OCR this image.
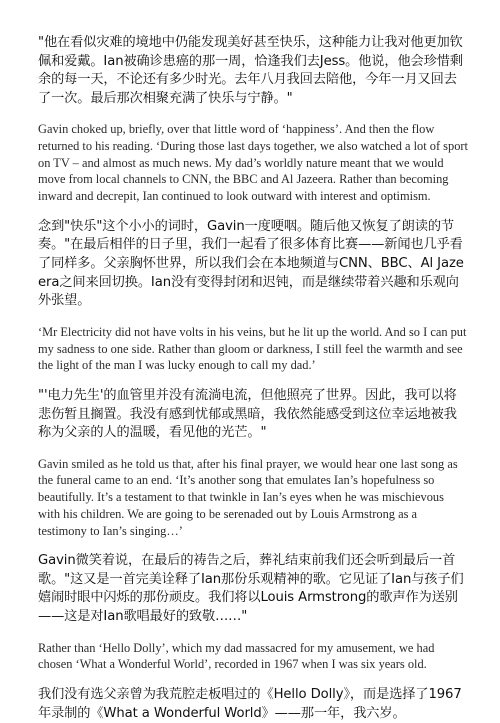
"他在看似灾难的境地中仍能发现美好甚至快乐，这种能力让我对他更加钦佩和爱戴。Ian被确诊患癌的那一周，恰逢我们去Jess。他说，他会珍惜剩余的每一天，不论还有多少时光。去年八月我回去陪他，今年一月又回去了一次。最后那次相聚充满了快乐与宁静。"

Gavin choked up, briefly, over that little word of ‘happiness’. And then the flow returned to his reading. ‘During those last days together, we also watched a lot of sport on TV – and almost as much news. My dad’s worldly nature meant that we would move from local channels to CNN, the BBC and Al Jazeera. Rather than becoming inward and decrepit, Ian continued to look outward with interest and optimism.

念到"快乐"这个小小的词时，Gavin一度哽咽。随后他又恢复了朗读的节奏。"在最后相伴的日子里，我们一起看了很多体育比赛——新闻也几乎看了同样多。父亲胸怀世界，所以我们会在本地频道与CNN、BBC、Al Jazeera之间来回切换。Ian没有变得封闭和迟钝，而是继续带着兴趣和乐观向外张望。

‘Mr Electricity did not have volts in his veins, but he lit up the world. And so I can put my sadness to one side. Rather than gloom or darkness, I still feel the warmth and see the light of the man I was lucky enough to call my dad.’

"'电力先生'的血管里并没有流淌电流，但他照亮了世界。因此，我可以将悲伤暂且搁置。我没有感到忧郁或黑暗，我依然能感受到这位幸运地被我称为父亲的人的温暖，看见他的光芒。"

Gavin smiled as he told us that, after his final prayer, we would hear one last song as the funeral came to an end. ‘It’s another song that emulates Ian’s hopefulness so beautifully. It’s a testament to that twinkle in Ian’s eyes when he was mischievous with his children. We are going to be serenaded out by Louis Armstrong as a testimony to Ian’s singing…’

Gavin微笑着说，在最后的祷告之后，葬礼结束前我们还会听到最后一首歌。"这又是一首完美诠释了Ian那份乐观精神的歌。它见证了Ian与孩子们嬉闹时眼中闪烁的那份顽皮。我们将以Louis Armstrong的歌声作为送别——这是对Ian歌唱最好的致敬……"

Rather than ‘Hello Dolly’, which my dad massacred for my amusement, we had chosen ‘What a Wonderful World’, recorded in 1967 when I was six years old.

我们没有选父亲曾为我荒腔走板唱过的《Hello Dolly》，而是选择了1967年录制的《What a Wonderful World》——那一年，我六岁。
